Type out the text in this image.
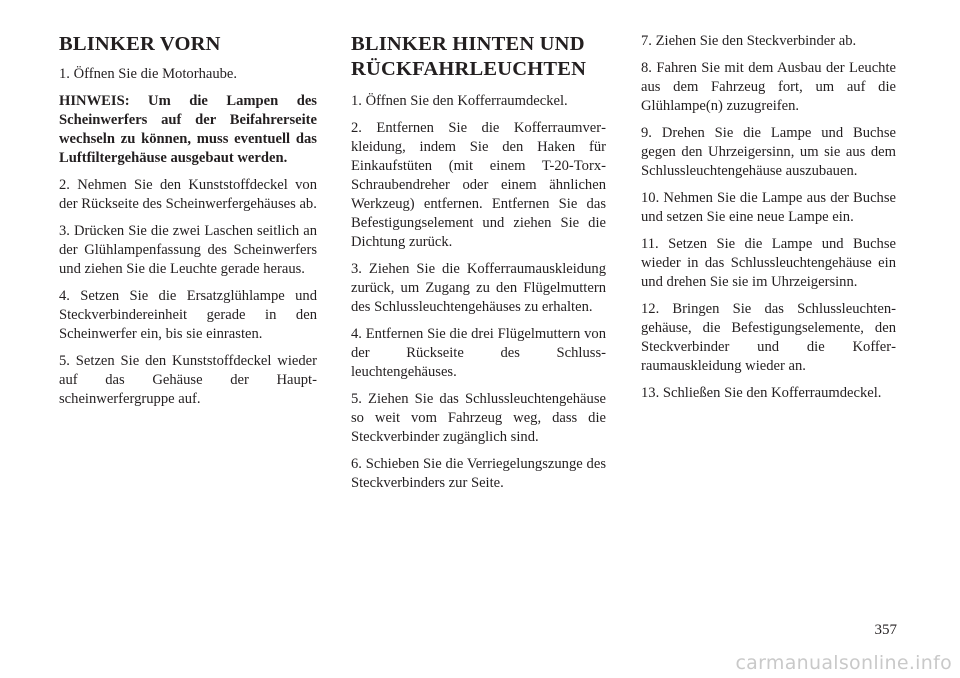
BLINKER VORN

1. Öffnen Sie die Motorhaube.

HINWEIS: Um die Lampen des Scheinwerfers auf der Beifahrerseite wechseln zu können, muss eventuell das Luftfiltergehäuse ausgebaut werden.

2. Nehmen Sie den Kunststoffdeckel von der Rückseite des Scheinwerfergehäuses ab.

3. Drücken Sie die zwei Laschen seitlich an der Glühlampenfassung des Scheinwerfers und ziehen Sie die Leuchte gerade heraus.

4. Setzen Sie die Ersatzglühlampe und Steckverbindereinheit gerade in den Scheinwerfer ein, bis sie einrasten.

5. Setzen Sie den Kunststoffdeckel wieder auf das Gehäuse der Hauptscheinwerfergruppe auf.

BLINKER HINTEN UND RÜCKFAHRLEUCHTEN

1. Öffnen Sie den Kofferraumdeckel.

2. Entfernen Sie die Kofferraumverkleidung, indem Sie den Haken für Einkaufstüten (mit einem T-20-Torx-Schraubendreher oder einem ähnlichen Werkzeug) entfernen. Entfernen Sie das Befestigungselement und ziehen Sie die Dichtung zurück.

3. Ziehen Sie die Kofferraumauskleidung zurück, um Zugang zu den Flügelmuttern des Schlussleuchtengehäuses zu erhalten.

4. Entfernen Sie die drei Flügelmuttern von der Rückseite des Schlussleuchtengehäuses.

5. Ziehen Sie das Schlussleuchtengehäuse so weit vom Fahrzeug weg, dass die Steckverbinder zugänglich sind.

6. Schieben Sie die Verriegelungszunge des Steckverbinders zur Seite.

7. Ziehen Sie den Steckverbinder ab.

8. Fahren Sie mit dem Ausbau der Leuchte aus dem Fahrzeug fort, um auf die Glühlampe(n) zuzugreifen.

9. Drehen Sie die Lampe und Buchse gegen den Uhrzeigersinn, um sie aus dem Schlussleuchtengehäuse auszubauen.

10. Nehmen Sie die Lampe aus der Buchse und setzen Sie eine neue Lampe ein.

11. Setzen Sie die Lampe und Buchse wieder in das Schlussleuchtengehäuse ein und drehen Sie sie im Uhrzeigersinn.

12. Bringen Sie das Schlussleuchtengehäuse, die Befestigungselemente, den Steckverbinder und die Kofferraumauskleidung wieder an.

13. Schließen Sie den Kofferraumdeckel.

357
carmanualsonline.info
